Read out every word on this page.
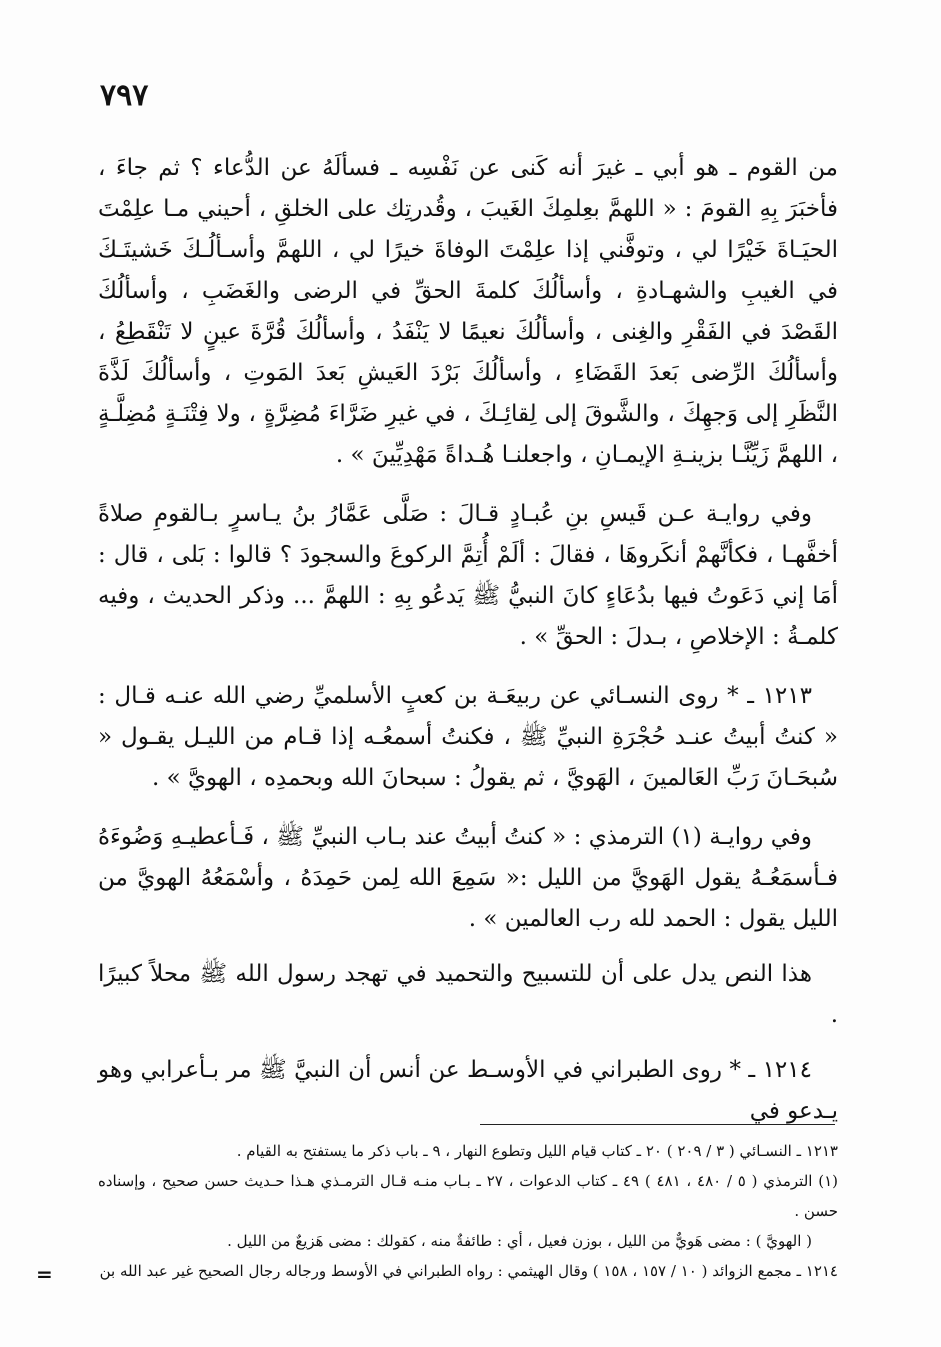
٧٩٧

من القوم ـ هو أبي ـ غيرَ أنه كَنى عن نَفْسِه ـ فسألَهُ عن الدُّعاء ؟ ثم جاءَ ، فأخبَرَ بِهِ القومَ : « اللهمَّ بعِلمِكَ الغَيبَ ، وقُدرتِك على الخلقِ ، أحيني مـا علِمْتَ الحيَـاةَ خَيْرًا لي ، وتوفَّني إذا علِمْتَ الوفاةَ خيرًا لي ، اللهمَّ وأسـألُـكَ خَشيتَـكَ في الغيبِ والشهـادةِ ، وأسألُكَ كلمةَ الحقِّ في الرضى والغَضَبِ ، وأسألُكَ القَصْدَ في الفَقْرِ والغِنى ، وأسألُكَ نعيمًا لا يَنْفَدُ ، وأسألُكَ قُرَّةَ عينٍ لا تَنْقَطِعُ ، وأسألُكَ الرِّضى بَعدَ القَضَاءِ ، وأسألُكَ بَرْدَ العَيشِ بَعدَ المَوتِ ، وأسألُكَ لَذَّةَ النَّظَرِ إلى وَجهِكَ ، والشَّوقَ إلى لِقائِـكَ ، في غيرِ ضَرَّاءَ مُضِرَّةٍ ، ولا فِتْنَـةٍ مُضِلَّـةٍ ، اللهمَّ زَيِّنَّـا بزينـةِ الإيمـانِ ، واجعلنـا هُـداةً مَهْدِيِّينَ » .

وفي روايـة عـن قَيسِ بنِ عُبـادٍ قـالَ : صَلَّى عَمَّارُ بنُ يـاسرٍ بـالقومِ صلاةً أخفَّهـا ، فكأنَّهمْ أنكَروهَا ، فقالَ : ألَمْ أُتِمَّ الركوعَ والسجودَ ؟ قالوا : بَلى ، قال : أمَا إني دَعَوتُ فيها بدُعَاءٍ كانَ النبيُّ ﷺ يَدعُو بِهِ : اللهمَّ ... وذكر الحديث ، وفيه كلمـةُ : الإخلاصِ ، بـدلَ : الحقِّ » .

١٢١٣ ـ * روى النسـائي عن ربيعَـة بن كعبٍ الأسلميِّ رضي الله عنـه قـال : « كنتُ أبيتُ عنـد حُجْرَةِ النبيِّ ﷺ ، فكنتُ أسمعُـه إذا قـام من الليـل يقـول « سُبحَـانَ رَبِّ العَالمينَ ، الهَويَّ ، ثم يقولُ : سبحانَ الله وبحمدِه ، الهويَّ » .

وفي روايـة (١) الترمذي : « كنتُ أبيتُ عند بـاب النبيِّ ﷺ ، فَـأعطيـهِ وَضُوءَهُ فـأسمَعُـهُ يقول الهَويَّ من الليل :« سَمِعَ الله لِمن حَمِدَهُ ، وأسْمَعُهُ الهويَّ من الليل يقول : الحمد لله رب العالمين » .

هذا النص يدل على أن للتسبيح والتحميد في تهجد رسول الله ﷺ محلاً كبيرًا .

١٢١٤ ـ * روى الطبراني في الأوسـط عن أنس أن النبيَّ ﷺ مر بـأعرابي وهو يـدعو في

١٢١٣ ـ النسـائي ( ٣ / ٢٠٩ ) ٢٠ ـ كتاب قيام الليل وتطوع النهار ، ٩ ـ باب ذكر ما يستفتح به القيام .

(١) الترمذي ( ٥ / ٤٨٠ ، ٤٨١ ) ٤٩ ـ كتاب الدعوات ، ٢٧ ـ بـاب منـه قـال الترمـذي هـذا حـديث حسن صحيح ، وإسناده حسن .

( الهويَّ ) : مضى هَويٌّ من الليل ، بوزن فعيل ، أي : طائفةٌ منه ، كقولك : مضى هَزيعٌ من الليل .

١٢١٤ ـ مجمع الزوائد ( ١٠ / ١٥٧ ، ١٥٨ ) وقال الهيثمي : رواه الطبراني في الأوسط ورجاله رجال الصحيح غير عبد الله بن

=
